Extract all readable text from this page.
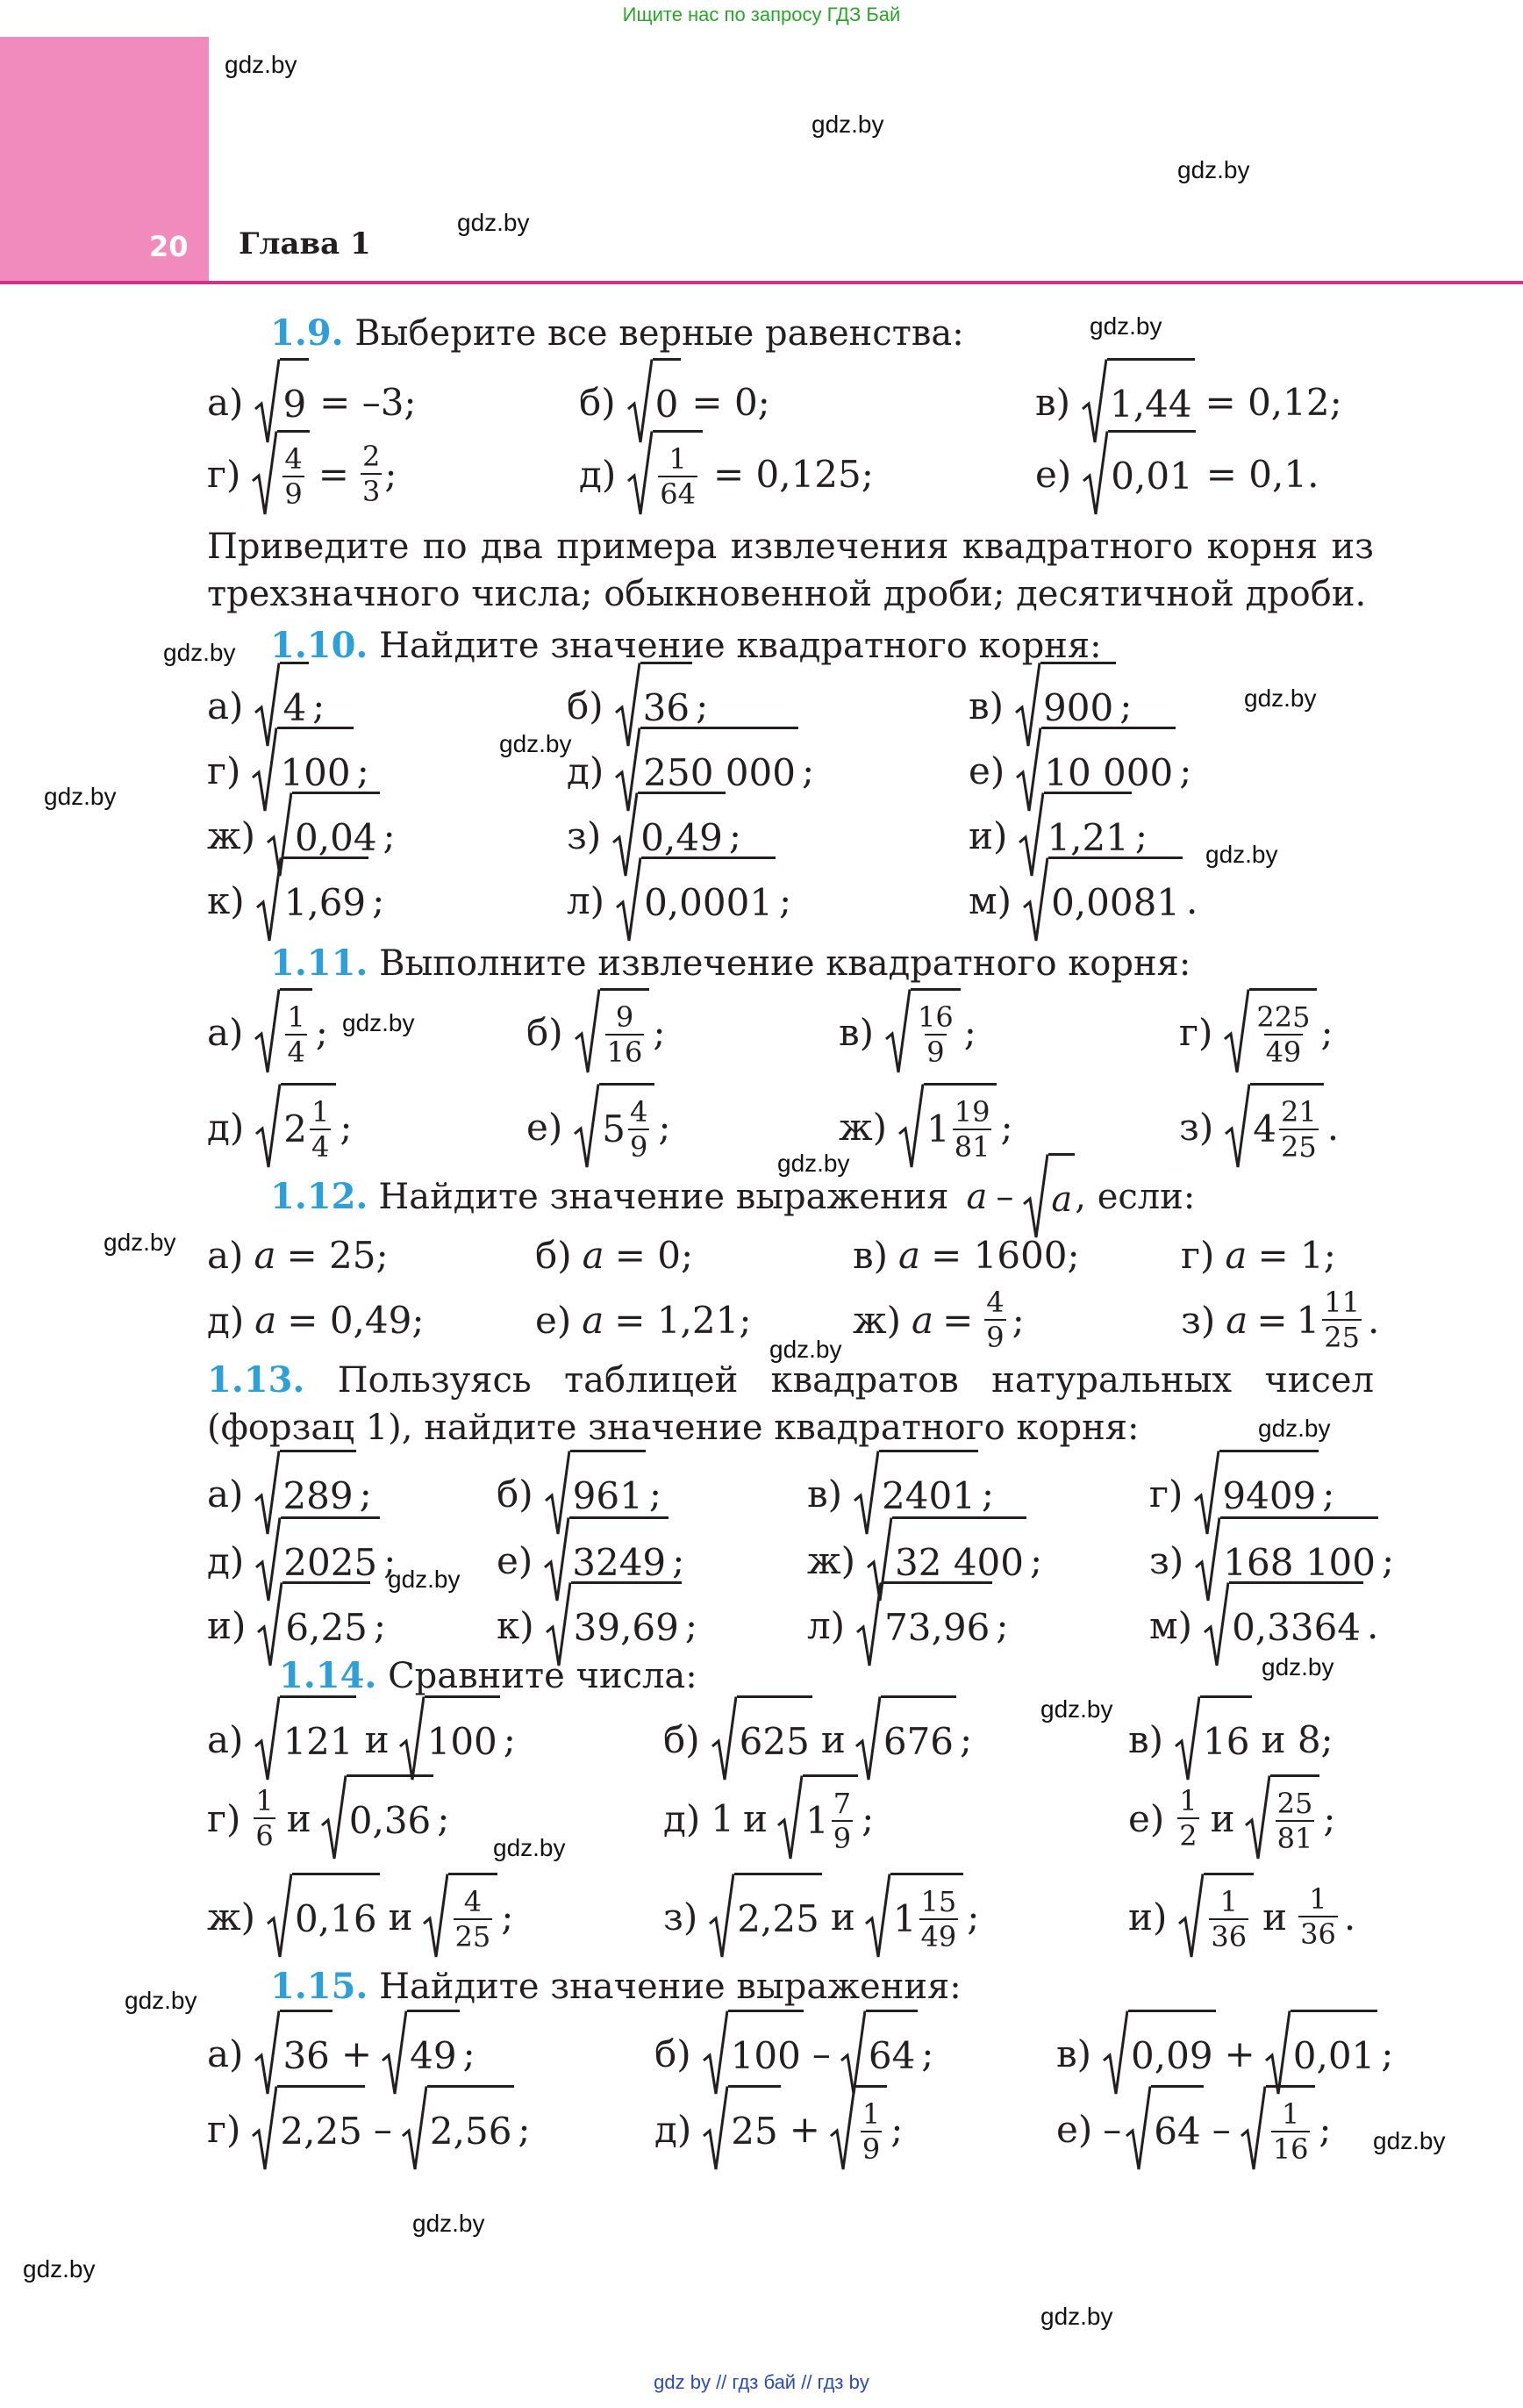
Ищите нас по запросу ГДЗ Бай
20 Глава 1
gdz.by
gdz.by
gdz.by
gdz.by
gdz.by
gdz.by
gdz.by
gdz.by
gdz.by
gdz.by
gdz.by
gdz.by
gdz.by
gdz.by
gdz.by
gdz.by
gdz.by
gdz.by
gdz.by
gdz.by
gdz.by
gdz.by
gdz.by
gdz.by
1.9. Выберите все верные равенства:
а) 9 = –3;	б) 0 = 0;	в) 1,44 = 0,12;
$г) \frac{4}{9} = \frac{2}{3}$ ;	$д) \frac{1}{64} = 0,125$;	е) 0,01 = 0,1.
Приведите по два примера извлечения квадратного корня из трехзначного числа; обыкновенной дроби; десятичной дроби.
1.10. Найдите значение квадратного корня:
1.11. Выполните извлечение квадратного корня:
1.12. Найдите значение выражения a – a , если:
1.13. Пользуясь таблицей квадратов натуральных чисел (форзац 1), найдите значение квадратного корня:
1.14. Сравните числа:
1.15. Найдите значение выражения:
gdz by // гдз бай // гдз by
а) 4 ;	б) 36 ;	в) 900 ;
г) 100 ;	д) 250 000 ;	е) 10 000 ;
ж) 0,04 ;	з) 0,49 ;	и) 1,21 ;
к) 1,69 ;	л) 0,0001 ;	м) 0,0081 .
$а) \frac{1}{4}$ ;	$б) \frac{9}{16}$ ;	$в) \frac{16}{9}$ ;	$г) \frac{225}{49}$ ;
д) $2 \frac{1}{4}$ ;	е) $5 \frac{4}{9}$ ;	ж) $1 \frac{19}{81}$ ;	з) $4 \frac{21}{25}$ .
а) a = 25;	б) a = 0;	в) a = 1600;	г) a = 1;
д) a = 0,49;	е) a = 1,21;	ж) $a = \frac{4}{9}$ ;	з) $a = 1 \frac{11}{25}$ .
а) 289 ;	б) 961 ;	в) 2401 ;	г) 9409 ;
д) 2025 ;	е) 3249 ;	ж) 32 400 ;	з) 168 100 ;
и) 6,25 ;	к) 39,69 ;	л) 73,96 ;	м) 0,3364 .
а) 121 и 100 ;	б) 625 и 676 ;	в) 16 и 8;
$г) \frac{1}{6}$ и 0,36 ;	д) 1 и $1 \frac{7}{9}$ ;	$е) \frac{1}{2}$ и $\frac{25}{81}$ ;
ж) 0,16 и $\frac{4}{25}$ ;	з) 2,25 и $1 \frac{15}{49}$ ;	$и) \frac{1}{36}$ и $\frac{1}{36}$ .
а) 36 + 49 ;	б) 100 – 64 ;	в) 0,09 + 0,01 ;
г) 2,25 – 2,56 ;	д) $25 + \frac{1}{9}$ ;	$е) - 64 - \frac{1}{16}$ ;
